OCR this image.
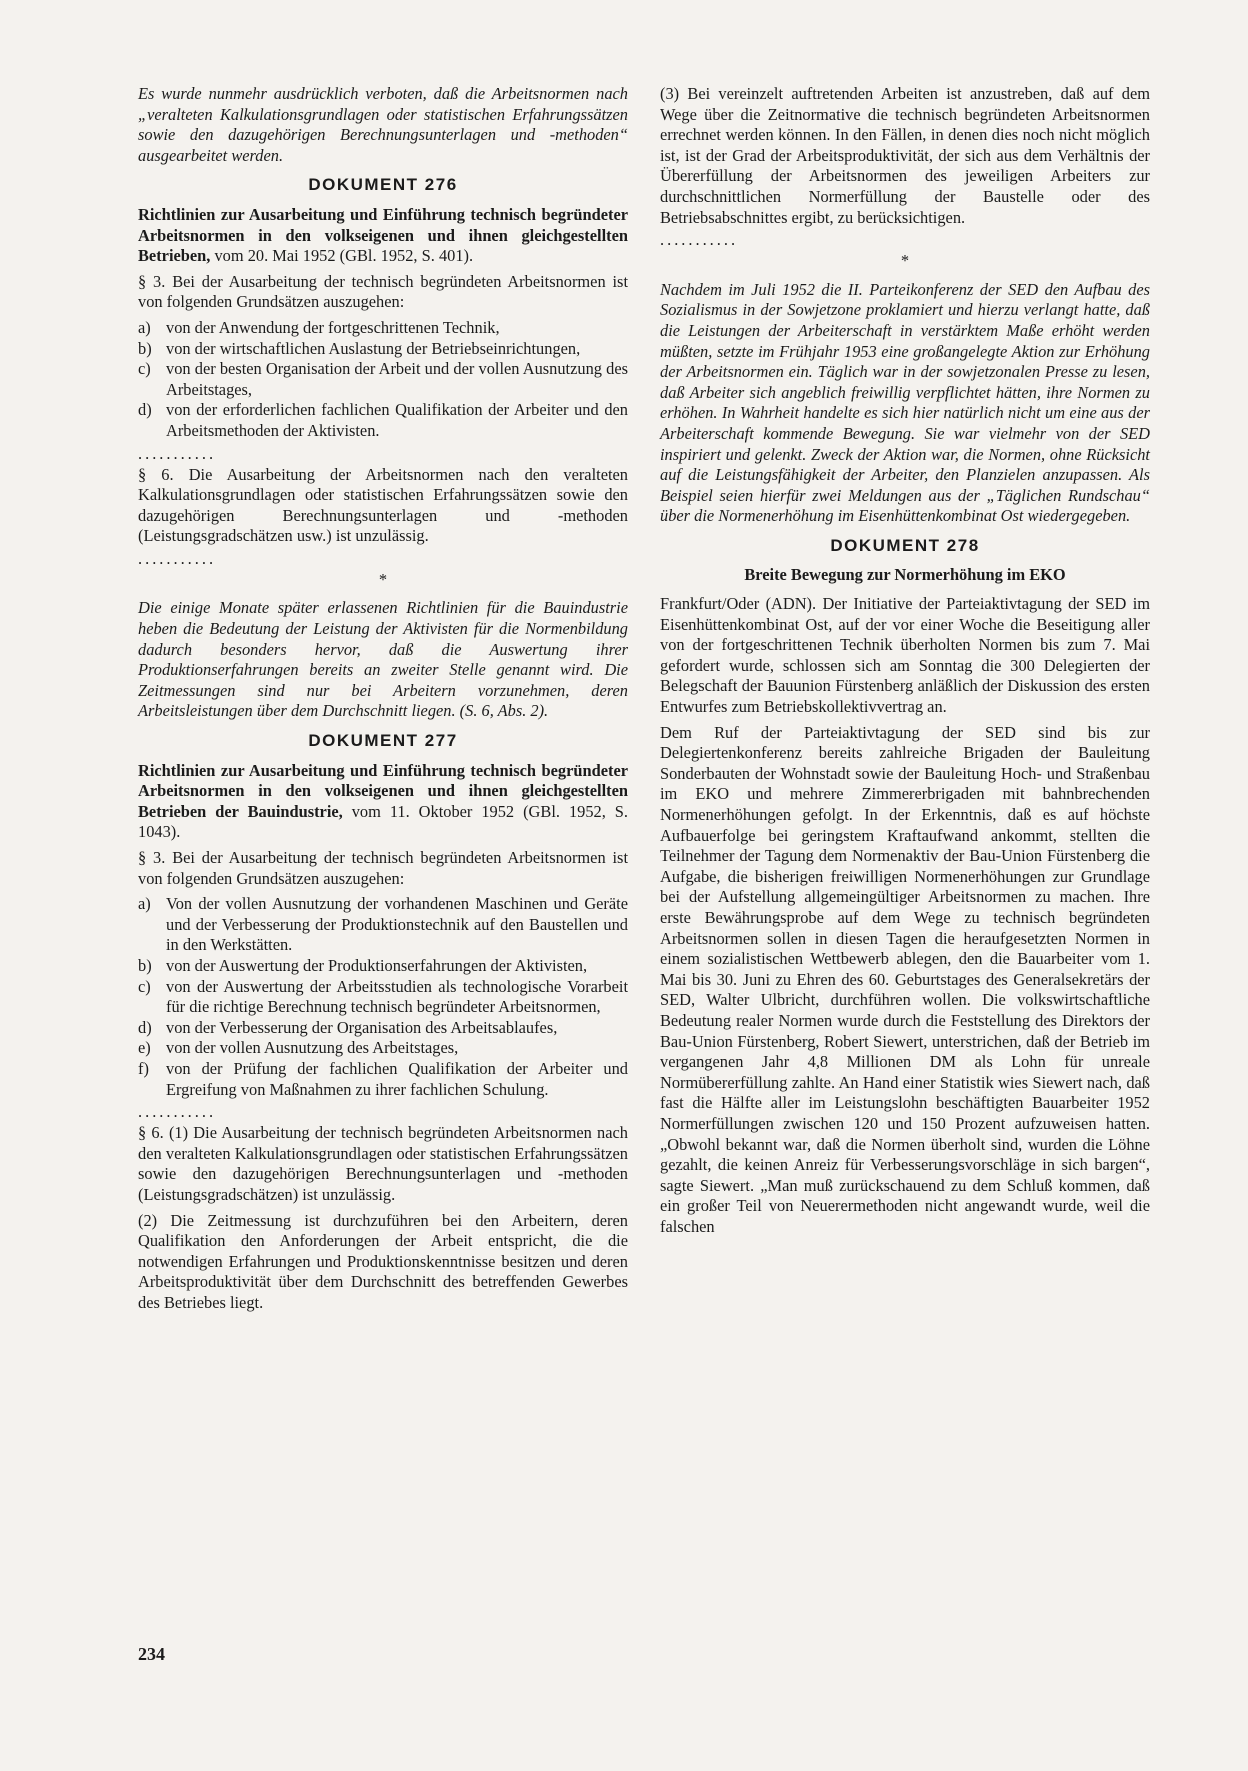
Es wurde nunmehr ausdrücklich verboten, daß die Arbeitsnormen nach „veralteten Kalkulationsgrundlagen oder statistischen Erfahrungssätzen sowie den dazugehörigen Berechnungsunterlagen und -methoden“ ausgearbeitet werden.

DOKUMENT 276

Richtlinien zur Ausarbeitung und Einführung technisch begründeter Arbeitsnormen in den volkseigenen und ihnen gleichgestellten Betrieben, vom 20. Mai 1952 (GBl. 1952, S. 401).

§ 3. Bei der Ausarbeitung der technisch begründeten Arbeitsnormen ist von folgenden Grundsätzen auszugehen:

a) von der Anwendung der fortgeschrittenen Technik,
b) von der wirtschaftlichen Auslastung der Betriebseinrichtungen,
c) von der besten Organisation der Arbeit und der vollen Ausnutzung des Arbeitstages,
d) von der erforderlichen fachlichen Qualifikation der Arbeiter und den Arbeitsmethoden der Aktivisten.
...........

§ 6. Die Ausarbeitung der Arbeitsnormen nach den veralteten Kalkulationsgrundlagen oder statistischen Erfahrungssätzen sowie den dazugehörigen Berechnungsunterlagen und -methoden (Leistungsgradschätzen usw.) ist unzulässig.

...........
*

Die einige Monate später erlassenen Richtlinien für die Bauindustrie heben die Bedeutung der Leistung der Aktivisten für die Normenbildung dadurch besonders hervor, daß die Auswertung ihrer Produktionserfahrungen bereits an zweiter Stelle genannt wird. Die Zeitmessungen sind nur bei Arbeitern vorzunehmen, deren Arbeitsleistungen über dem Durchschnitt liegen. (S. 6, Abs. 2).

DOKUMENT 277

Richtlinien zur Ausarbeitung und Einführung technisch begründeter Arbeitsnormen in den volkseigenen und ihnen gleichgestellten Betrieben der Bauindustrie, vom 11. Oktober 1952 (GBl. 1952, S. 1043).

§ 3. Bei der Ausarbeitung der technisch begründeten Arbeitsnormen ist von folgenden Grundsätzen auszugehen:

a) Von der vollen Ausnutzung der vorhandenen Maschinen und Geräte und der Verbesserung der Produktionstechnik auf den Baustellen und in den Werkstätten.
b) von der Auswertung der Produktionserfahrungen der Aktivisten,
c) von der Auswertung der Arbeitsstudien als technologische Vorarbeit für die richtige Berechnung technisch begründeter Arbeitsnormen,
d) von der Verbesserung der Organisation des Arbeitsablaufes,
e) von der vollen Ausnutzung des Arbeitstages,
f) von der Prüfung der fachlichen Qualifikation der Arbeiter und Ergreifung von Maßnahmen zu ihrer fachlichen Schulung.
...........

§ 6. (1) Die Ausarbeitung der technisch begründeten Arbeitsnormen nach den veralteten Kalkulationsgrundlagen oder statistischen Erfahrungssätzen sowie den dazugehörigen Berechnungsunterlagen und -methoden (Leistungsgradschätzen) ist unzulässig.

(2) Die Zeitmessung ist durchzuführen bei den Arbeitern, deren Qualifikation den Anforderungen der Arbeit entspricht, die die notwendigen Erfahrungen und Produktionskenntnisse besitzen und deren Arbeitsproduktivität über dem Durchschnitt des betreffenden Gewerbes des Betriebes liegt.

(3) Bei vereinzelt auftretenden Arbeiten ist anzustreben, daß auf dem Wege über die Zeitnormative die technisch begründeten Arbeitsnormen errechnet werden können. In den Fällen, in denen dies noch nicht möglich ist, ist der Grad der Arbeitsproduktivität, der sich aus dem Verhältnis der Übererfüllung der Arbeitsnormen des jeweiligen Arbeiters zur durchschnittlichen Normerfüllung der Baustelle oder des Betriebsabschnittes ergibt, zu berücksichtigen.

...........
*

Nachdem im Juli 1952 die II. Parteikonferenz der SED den Aufbau des Sozialismus in der Sowjetzone proklamiert und hierzu verlangt hatte, daß die Leistungen der Arbeiterschaft in verstärktem Maße erhöht werden müßten, setzte im Frühjahr 1953 eine großangelegte Aktion zur Erhöhung der Arbeitsnormen ein. Täglich war in der sowjetzonalen Presse zu lesen, daß Arbeiter sich angeblich freiwillig verpflichtet hätten, ihre Normen zu erhöhen. In Wahrheit handelte es sich hier natürlich nicht um eine aus der Arbeiterschaft kommende Bewegung. Sie war vielmehr von der SED inspiriert und gelenkt. Zweck der Aktion war, die Normen, ohne Rücksicht auf die Leistungsfähigkeit der Arbeiter, den Planzielen anzupassen. Als Beispiel seien hierfür zwei Meldungen aus der „Täglichen Rundschau“ über die Normenerhöhung im Eisenhüttenkombinat Ost wiedergegeben.

DOKUMENT 278
Breite Bewegung zur Normerhöhung im EKO

Frankfurt/Oder (ADN). Der Initiative der Parteiaktivtagung der SED im Eisenhüttenkombinat Ost, auf der vor einer Woche die Beseitigung aller von der fortgeschrittenen Technik überholten Normen bis zum 7. Mai gefordert wurde, schlossen sich am Sonntag die 300 Delegierten der Belegschaft der Bauunion Fürstenberg anläßlich der Diskussion des ersten Entwurfes zum Betriebskollektivvertrag an.

Dem Ruf der Parteiaktivtagung der SED sind bis zur Delegiertenkonferenz bereits zahlreiche Brigaden der Bauleitung Sonderbauten der Wohnstadt sowie der Bauleitung Hoch- und Straßenbau im EKO und mehrere Zimmererbrigaden mit bahnbrechenden Normenerhöhungen gefolgt. In der Erkenntnis, daß es auf höchste Aufbauerfolge bei geringstem Kraftaufwand ankommt, stellten die Teilnehmer der Tagung dem Normenaktiv der Bau-Union Fürstenberg die Aufgabe, die bisherigen freiwilligen Normenerhöhungen zur Grundlage bei der Aufstellung allgemeingültiger Arbeitsnormen zu machen. Ihre erste Bewährungsprobe auf dem Wege zu technisch begründeten Arbeitsnormen sollen in diesen Tagen die heraufgesetzten Normen in einem sozialistischen Wettbewerb ablegen, den die Bauarbeiter vom 1. Mai bis 30. Juni zu Ehren des 60. Geburtstages des Generalsekretärs der SED, Walter Ulbricht, durchführen wollen. Die volkswirtschaftliche Bedeutung realer Normen wurde durch die Feststellung des Direktors der Bau-Union Fürstenberg, Robert Siewert, unterstrichen, daß der Betrieb im vergangenen Jahr 4,8 Millionen DM als Lohn für unreale Normübererfüllung zahlte. An Hand einer Statistik wies Siewert nach, daß fast die Hälfte aller im Leistungslohn beschäftigten Bauarbeiter 1952 Normerfüllungen zwischen 120 und 150 Prozent aufzuweisen hatten. „Obwohl bekannt war, daß die Normen überholt sind, wurden die Löhne gezahlt, die keinen Anreiz für Verbesserungsvorschläge in sich bargen“, sagte Siewert. „Man muß zurückschauend zu dem Schluß kommen, daß ein großer Teil von Neuerermethoden nicht angewandt wurde, weil die falschen

234
